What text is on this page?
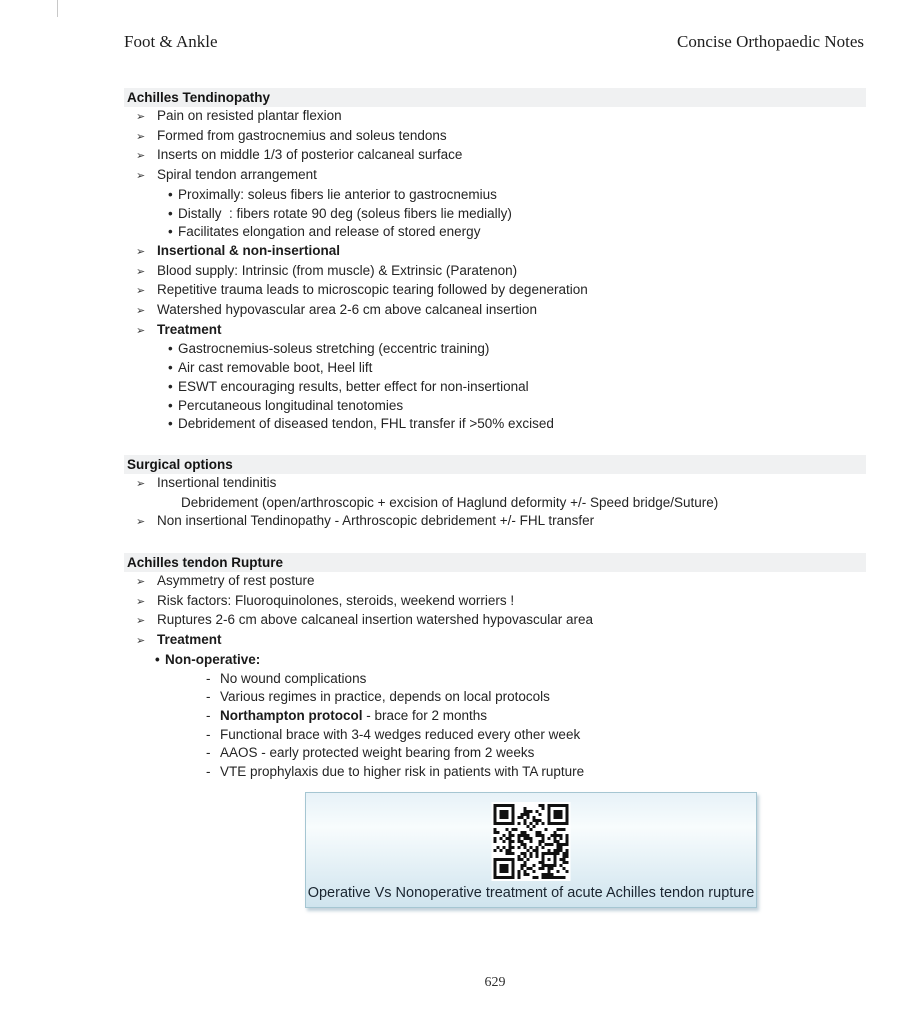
Foot & Ankle	Concise Orthopaedic Notes
Achilles Tendinopathy
➢ Pain on resisted plantar flexion
➢ Formed from gastrocnemius and soleus tendons
➢ Inserts on middle 1/3 of posterior calcaneal surface
➢ Spiral tendon arrangement
• Proximally: soleus fibers lie anterior to gastrocnemius
• Distally  : fibers rotate 90 deg (soleus fibers lie medially)
• Facilitates elongation and release of stored energy
➢ Insertional & non-insertional
➢ Blood supply: Intrinsic (from muscle) & Extrinsic (Paratenon)
➢ Repetitive trauma leads to microscopic tearing followed by degeneration
➢ Watershed hypovascular area 2-6 cm above calcaneal insertion
➢ Treatment
• Gastrocnemius-soleus stretching (eccentric training)
• Air cast removable boot, Heel lift
• ESWT encouraging results, better effect for non-insertional
• Percutaneous longitudinal tenotomies
• Debridement of diseased tendon, FHL transfer if >50% excised
Surgical options
➢ Insertional tendinitis
Debridement (open/arthroscopic + excision of Haglund deformity +/- Speed bridge/Suture)
➢ Non insertional Tendinopathy - Arthroscopic debridement +/- FHL transfer
Achilles tendon Rupture
➢ Asymmetry of rest posture
➢ Risk factors: Fluoroquinolones, steroids, weekend worriers !
➢ Ruptures 2-6 cm above calcaneal insertion watershed hypovascular area
➢ Treatment
• Non-operative:
- No wound complications
- Various regimes in practice, depends on local protocols
- Northampton protocol - brace for 2 months
- Functional brace with 3-4 wedges reduced every other week
- AAOS - early protected weight bearing from 2 weeks
- VTE prophylaxis due to higher risk in patients with TA rupture
Operative Vs Nonoperative treatment of acute Achilles tendon rupture
629
